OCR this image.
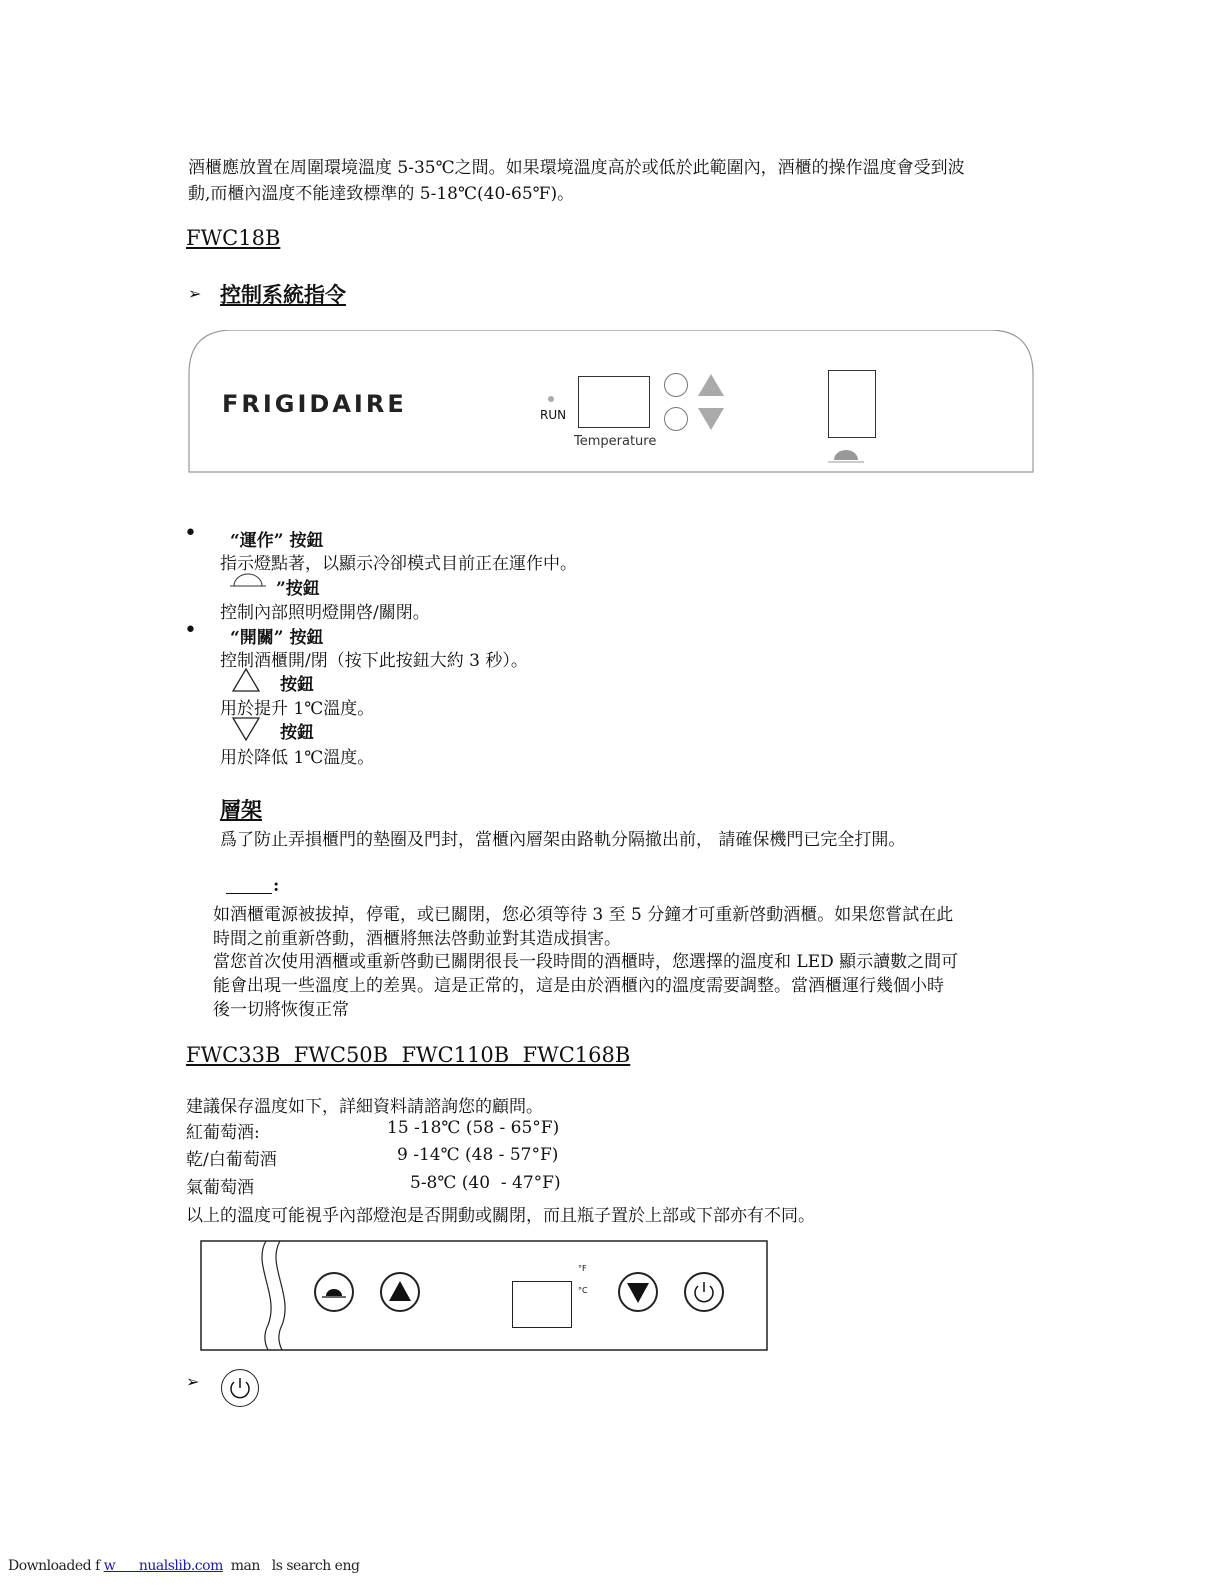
酒櫃應放置在周圍環境溫度 5-35℃之間。如果環境溫度高於或低於此範圍內，酒櫃的操作溫度會受到波
動,而櫃內溫度不能達致標準的 5-18℃(40-65℉)。
FWC18B
➢ 控制系統指令
FRIGIDAIRE	RUN
Temperature
• “運作” 按鈕
指示燈點著，以顯示冷卻模式目前正在運作中。
”按鈕
控制內部照明燈開啓/關閉。
• “開關” 按鈕
控制酒櫃開/閉（按下此按鈕大約 3 秒）。
按鈕
用於提升 1℃溫度。
按鈕
用於降低 1℃溫度。
層架
爲了防止弄損櫃門的墊圈及門封，當櫃內層架由路軌分隔撤出前， 請確保機門已完全打開。
:
如酒櫃電源被拔掉，停電，或已關閉，您必須等待 3 至 5 分鐘才可重新啓動酒櫃。如果您嘗試在此
時間之前重新啓動，酒櫃將無法啓動並對其造成損害。
當您首次使用酒櫃或重新啓動已關閉很長一段時間的酒櫃時，您選擇的溫度和 LED 顯示讀數之間可
能會出現一些溫度上的差異。這是正常的，這是由於酒櫃內的溫度需要調整。當酒櫃運行幾個小時
後一切將恢復正常
FWC33B  FWC50B  FWC110B  FWC168B
建議保存溫度如下，詳細資料請諮詢您的顧問。
紅葡萄酒:	15 -18℃ (58 - 65°F)
乾/白葡萄酒	9 -14℃ (48 - 57°F)
氣葡萄酒	5-8℃ (40  - 47°F)
以上的溫度可能視乎內部燈泡是否開動或關閉，而且瓶子置於上部或下部亦有不同。
°F
°C
➢
Downloaded f w      nualslib.com  man   ls search eng
